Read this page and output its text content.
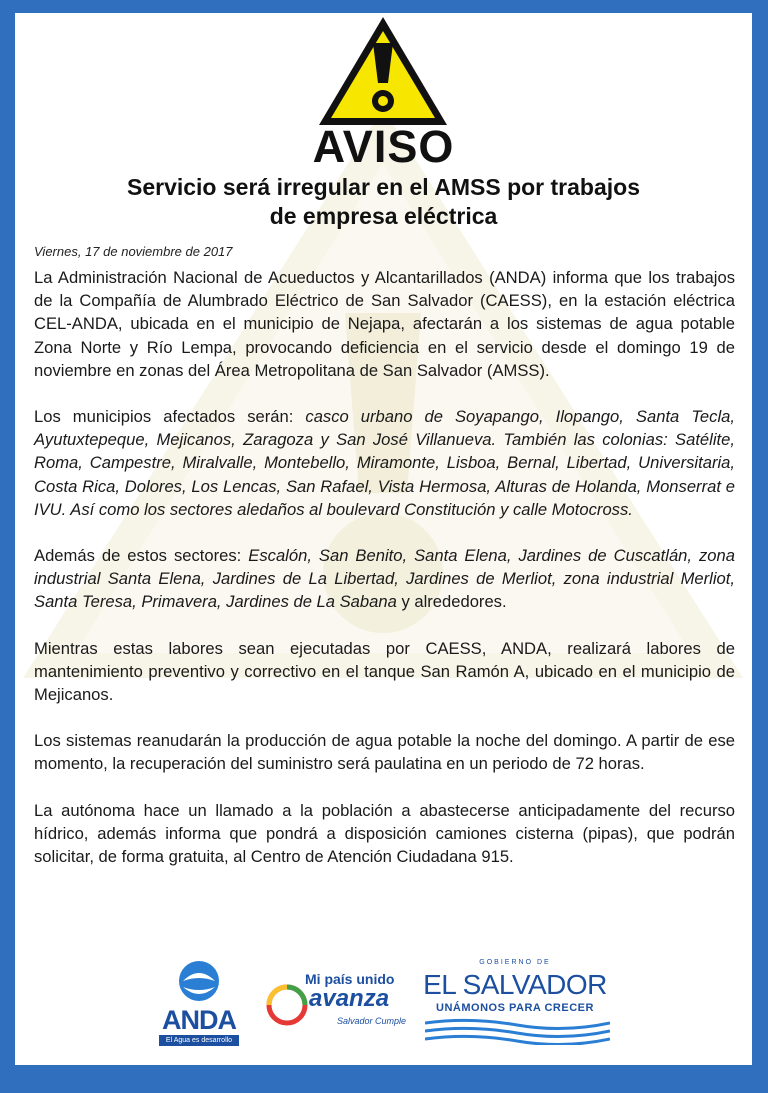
AVISO
Servicio será irregular en el AMSS por trabajos
de empresa eléctrica
Viernes, 17 de noviembre de 2017

La Administración Nacional de Acueductos y Alcantarillados (ANDA) informa que los trabajos de la Compañía de Alumbrado Eléctrico de San Salvador (CAESS), en la estación eléctrica CEL-ANDA, ubicada en el municipio de Nejapa, afectarán a los sistemas de agua potable Zona Norte y Río Lempa, provocando deficiencia en el servicio desde el domingo 19 de noviembre en zonas del Área Metropolitana de San Salvador (AMSS).

Los municipios afectados serán: casco urbano de Soyapango, Ilopango, Santa Tecla, Ayutuxtepeque, Mejicanos, Zaragoza y San José Villanueva. También las colonias: Satélite, Roma, Campestre, Miralvalle, Montebello, Miramonte, Lisboa, Bernal, Libertad, Universitaria, Costa Rica, Dolores, Los Lencas, San Rafael, Vista Hermosa, Alturas de Holanda, Monserrat e IVU. Así como los sectores aledaños al boulevard Constitución y calle Motocross.

Además de estos sectores: Escalón, San Benito, Santa Elena, Jardines de Cuscatlán, zona industrial Santa Elena, Jardines de La Libertad, Jardines de Merliot, zona industrial Merliot, Santa Teresa, Primavera, Jardines de La Sabana y alrededores.

Mientras estas labores sean ejecutadas por CAESS, ANDA, realizará labores de mantenimiento preventivo y correctivo en el tanque San Ramón A, ubicado en el municipio de Mejicanos.

Los sistemas reanudarán la producción de agua potable la noche del domingo. A partir de ese momento, la recuperación del suministro será paulatina en un periodo de 72 horas.

La autónoma hace un llamado a la población a abastecerse anticipadamente del recurso hídrico, además informa que pondrá a disposición camiones cisterna (pipas), que podrán solicitar, de forma gratuita, al Centro de Atención Ciudadana 915.

ANDA
El Agua es desarrollo
Mi país unido
avanza
Salvador Cumple
GOBIERNO DE
EL SALVADOR
UNÁMONOS PARA CRECER
